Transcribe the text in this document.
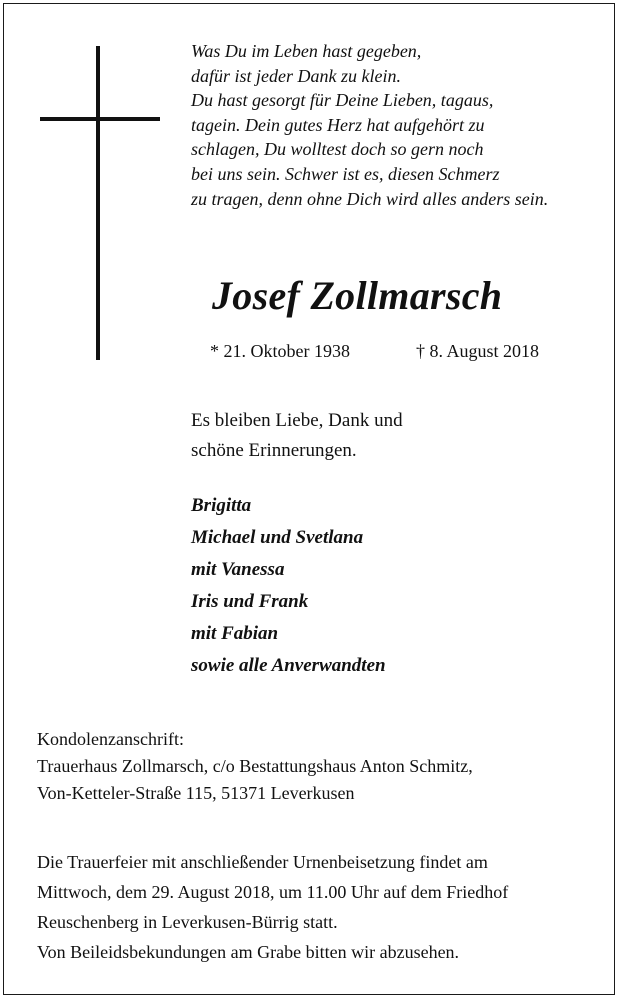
Was Du im Leben hast gegeben,
dafür ist jeder Dank zu klein.
Du hast gesorgt für Deine Lieben, tagaus,
tagein. Dein gutes Herz hat aufgehört zu
schlagen, Du wolltest doch so gern noch
bei uns sein. Schwer ist es, diesen Schmerz
zu tragen, denn ohne Dich wird alles anders sein.
Josef Zollmarsch
* 21. Oktober 1938	† 8. August 2018
Es bleiben Liebe, Dank und
schöne Erinnerungen.
Brigitta
Michael und Svetlana
mit Vanessa
Iris und Frank
mit Fabian
sowie alle Anverwandten
Kondolenzanschrift:
Trauerhaus Zollmarsch, c/o Bestattungshaus Anton Schmitz,
Von-Ketteler-Straße 115, 51371 Leverkusen
Die Trauerfeier mit anschließender Urnenbeisetzung findet am
Mittwoch, dem 29. August 2018, um 11.00 Uhr auf dem Friedhof
Reuschenberg in Leverkusen-Bürrig statt.
Von Beileidsbekundungen am Grabe bitten wir abzusehen.
